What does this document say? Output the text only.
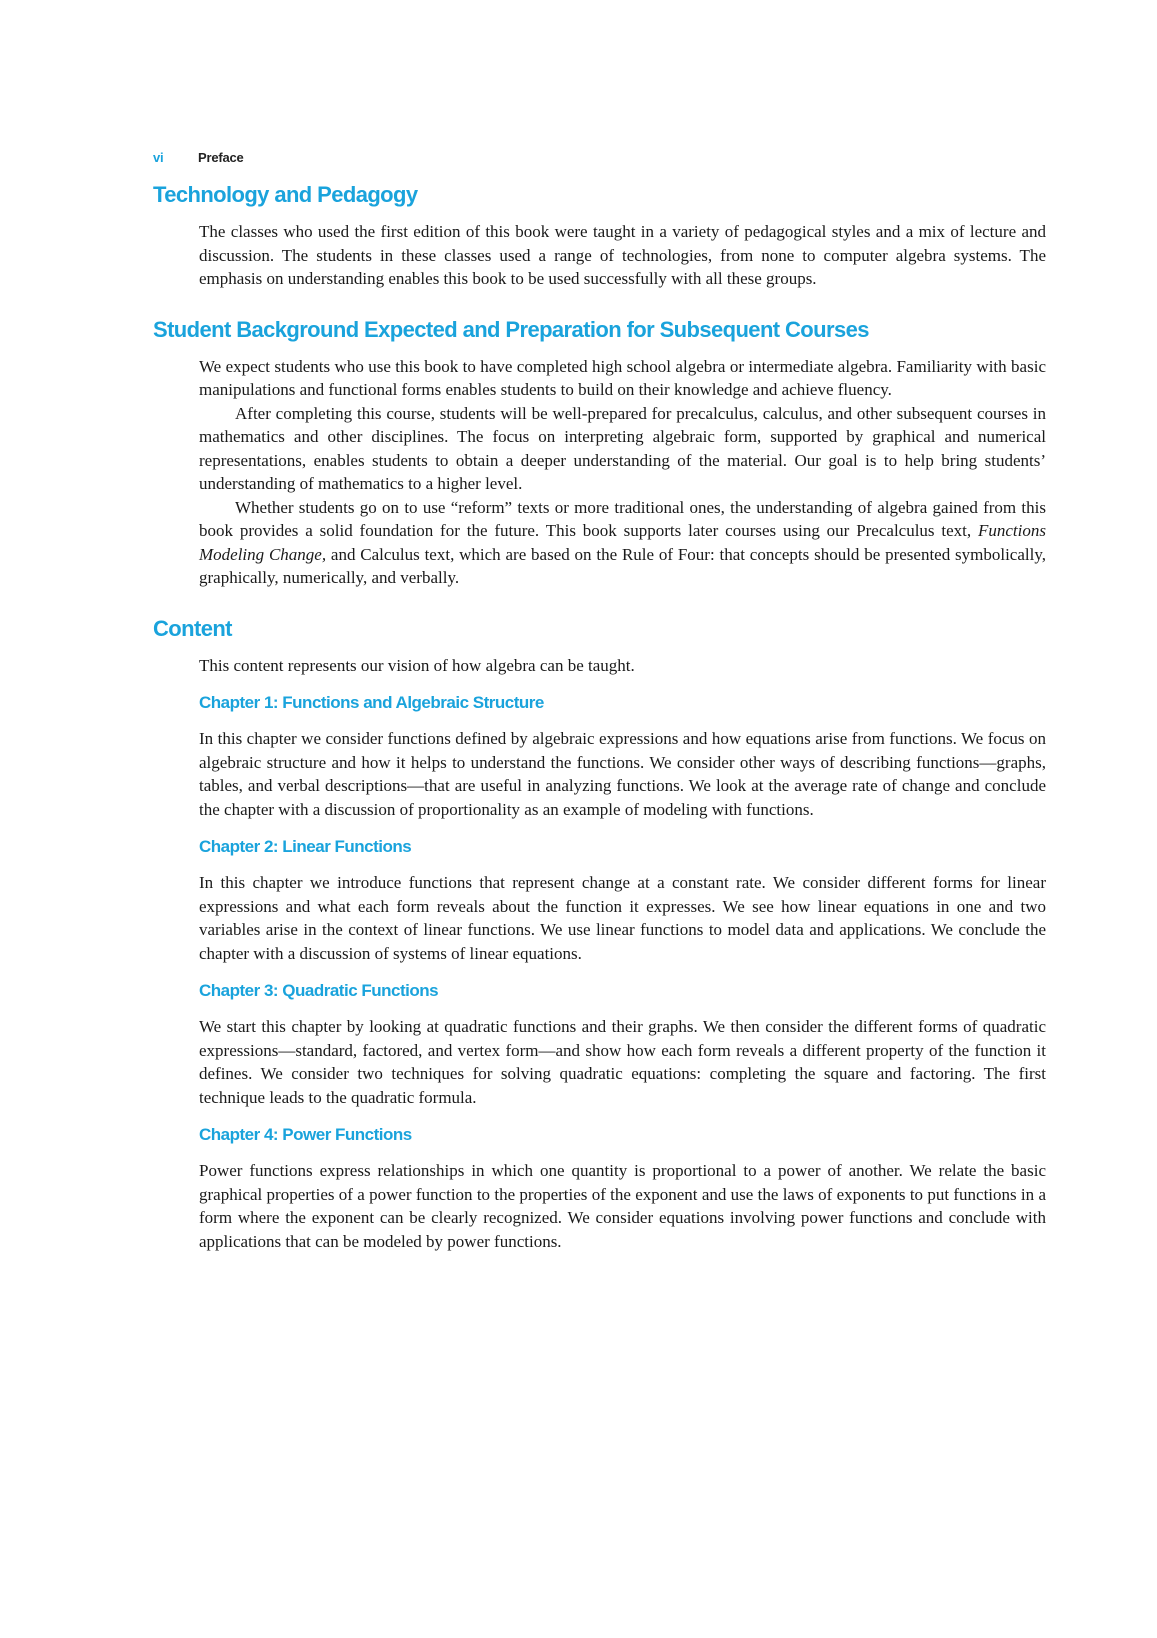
vi	Preface
Technology and Pedagogy

The classes who used the first edition of this book were taught in a variety of pedagogical styles and a mix of lecture and discussion. The students in these classes used a range of technologies, from none to computer algebra systems. The emphasis on understanding enables this book to be used successfully with all these groups.

Student Background Expected and Preparation for Subsequent Courses

We expect students who use this book to have completed high school algebra or intermediate algebra. Familiarity with basic manipulations and functional forms enables students to build on their knowledge and achieve fluency.

After completing this course, students will be well-prepared for precalculus, calculus, and other subsequent courses in mathematics and other disciplines. The focus on interpreting algebraic form, supported by graphical and numerical representations, enables students to obtain a deeper understanding of the material. Our goal is to help bring students’ understanding of mathematics to a higher level.

Whether students go on to use “reform” texts or more traditional ones, the understanding of algebra gained from this book provides a solid foundation for the future. This book supports later courses using our Precalculus text, Functions Modeling Change, and Calculus text, which are based on the Rule of Four: that concepts should be presented symbolically, graphically, numerically, and verbally.

Content

This content represents our vision of how algebra can be taught.

Chapter 1: Functions and Algebraic Structure

In this chapter we consider functions defined by algebraic expressions and how equations arise from functions. We focus on algebraic structure and how it helps to understand the functions. We consider other ways of describing functions—graphs, tables, and verbal descriptions—that are useful in analyzing functions. We look at the average rate of change and conclude the chapter with a discussion of proportionality as an example of modeling with functions.

Chapter 2: Linear Functions

In this chapter we introduce functions that represent change at a constant rate. We consider different forms for linear expressions and what each form reveals about the function it expresses. We see how linear equations in one and two variables arise in the context of linear functions. We use linear functions to model data and applications. We conclude the chapter with a discussion of systems of linear equations.

Chapter 3: Quadratic Functions

We start this chapter by looking at quadratic functions and their graphs. We then consider the different forms of quadratic expressions—standard, factored, and vertex form—and show how each form reveals a different property of the function it defines. We consider two techniques for solving quadratic equations: completing the square and factoring. The first technique leads to the quadratic formula.

Chapter 4: Power Functions

Power functions express relationships in which one quantity is proportional to a power of another. We relate the basic graphical properties of a power function to the properties of the exponent and use the laws of exponents to put functions in a form where the exponent can be clearly recognized. We consider equations involving power functions and conclude with applications that can be modeled by power functions.
